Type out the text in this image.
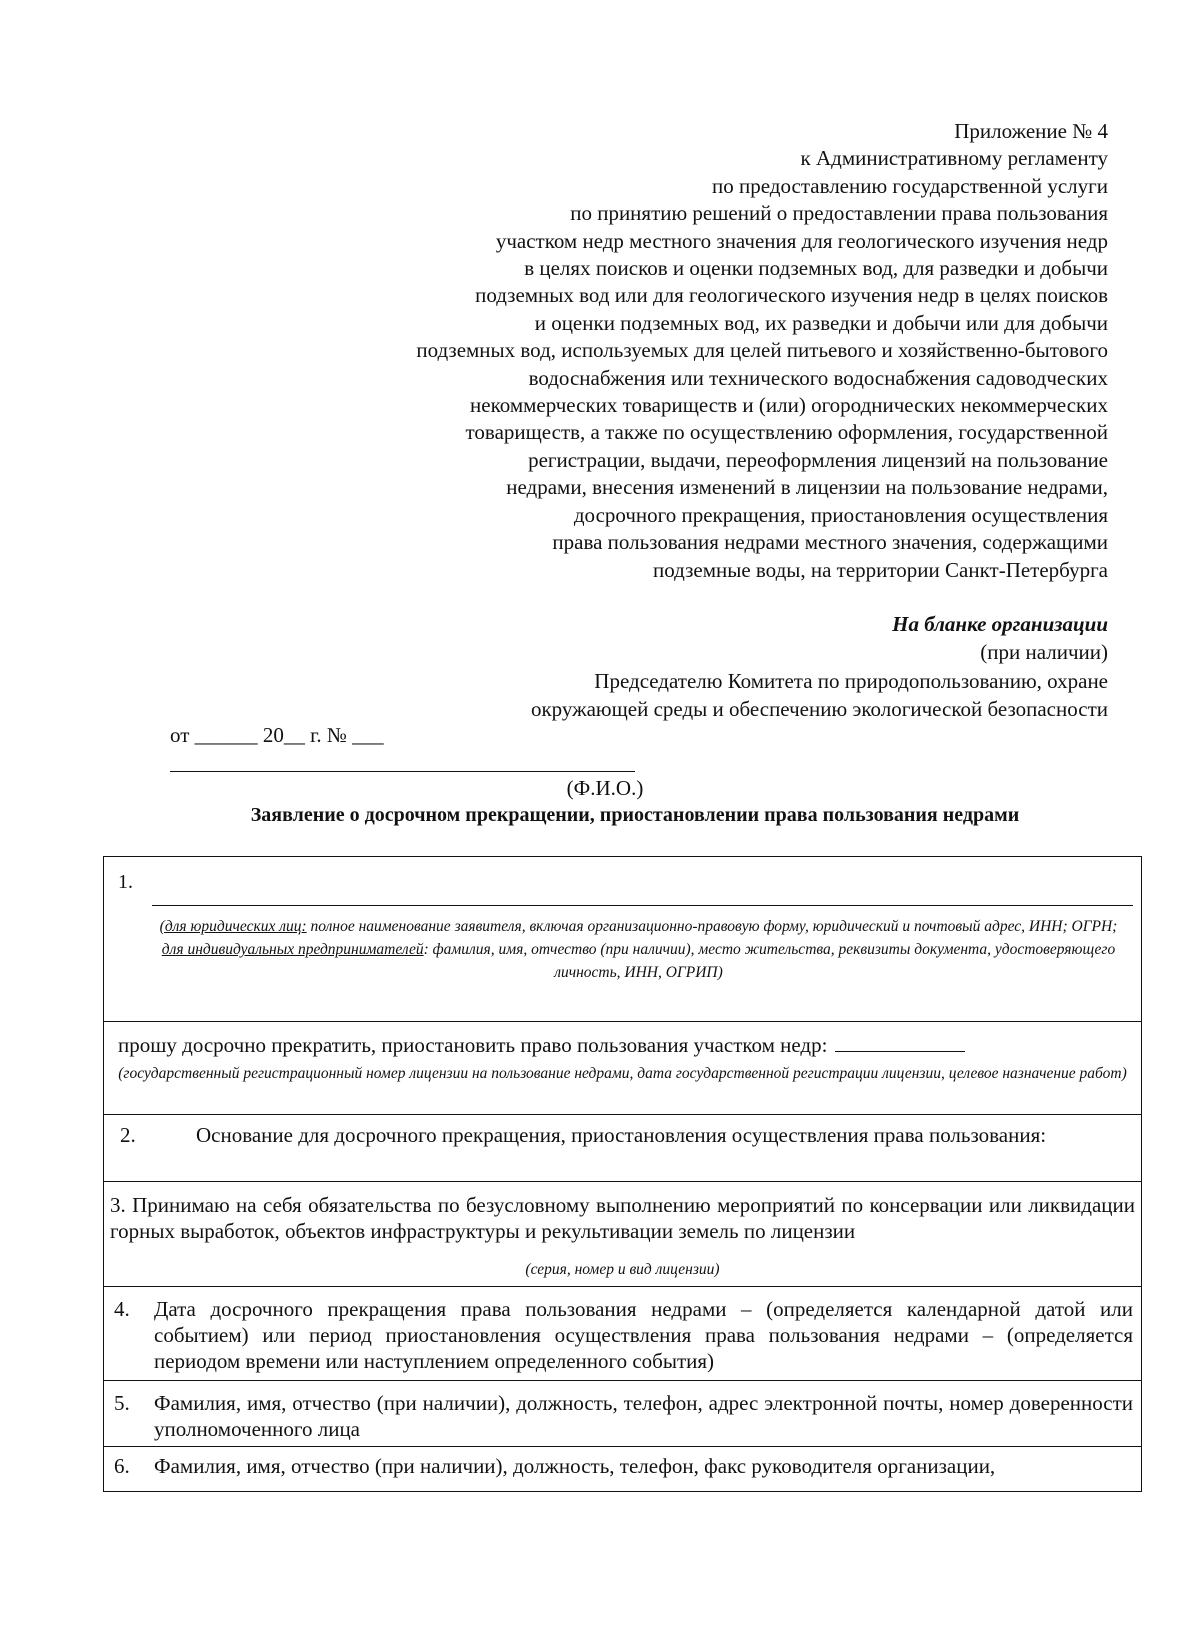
Приложение № 4
к Административному регламенту
по предоставлению государственной услуги
по принятию решений о предоставлении права пользования
участком недр местного значения для геологического изучения недр
в целях поисков и оценки подземных вод, для разведки и добычи
подземных вод или для геологического изучения недр в целях поисков
и оценки подземных вод, их разведки и добычи или для добычи
подземных вод, используемых для целей питьевого и хозяйственно-бытового
водоснабжения или технического водоснабжения садоводческих
некоммерческих товариществ и (или) огороднических некоммерческих
товариществ, а также по осуществлению оформления, государственной
регистрации, выдачи, переоформления лицензий на пользование
недрами, внесения изменений в лицензии на пользование недрами,
досрочного прекращения, приостановления осуществления
права пользования недрами местного значения, содержащими
подземные воды, на территории Санкт-Петербурга
На бланке организации
(при наличии)
Председателю Комитета по природопользованию, охране
окружающей среды и обеспечению экологической безопасности
от ______ 20__ г. № ___
(Ф.И.О.)
Заявление о досрочном прекращении, приостановлении права пользования недрами
1.
(для юридических лиц: полное наименование заявителя, включая организационно-правовую форму, юридический и почтовый адрес, ИНН; ОГРН;
для индивидуальных предпринимателей: фамилия, имя, отчество (при наличии), место жительства, реквизиты документа, удостоверяющего личность, ИНН, ОГРИП)
прошу досрочно прекратить, приостановить право пользования участком недр:
(государственный регистрационный номер лицензии на пользование недрами, дата государственной регистрации лицензии, целевое назначение работ)
2.	Основание для досрочного прекращения, приостановления осуществления права пользования:
3. Принимаю на себя обязательства по безусловному выполнению мероприятий по консервации или ликвидации горных выработок, объектов инфраструктуры и рекультивации земель по лицензии
(серия, номер и вид лицензии)
4.	Дата досрочного прекращения права пользования недрами – (определяется календарной датой или событием) или период приостановления осуществления права пользования недрами – (определяется периодом времени или наступлением определенного события)
5.	Фамилия, имя, отчество (при наличии), должность, телефон, адрес электронной почты, номер доверенности уполномоченного лица
6.	Фамилия, имя, отчество (при наличии), должность, телефон, факс руководителя организации,
